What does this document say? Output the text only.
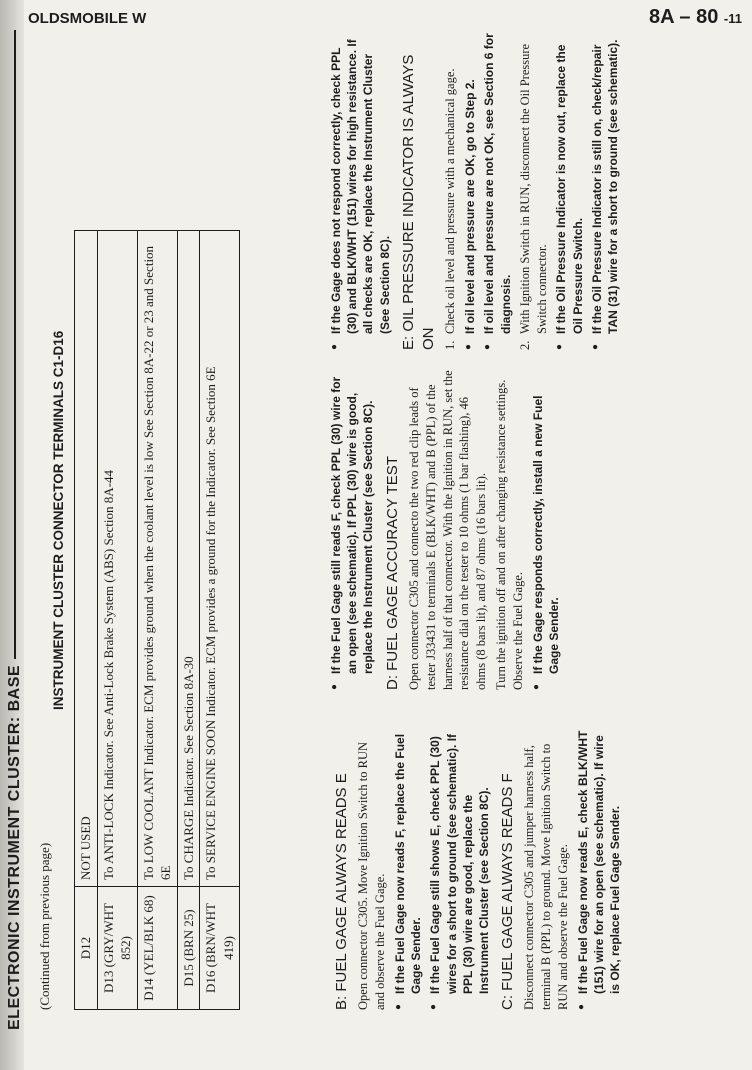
OLDSMOBILE W	8A – 80 -11
ELECTRONIC INSTRUMENT CLUSTER: BASE (Continued from previous page)
INSTRUMENT CLUSTER CONNECTOR TERMINALS C1-D16
D12	NOT USED
D13 (GRY/WHT 852)	To ANTI-LOCK Indicator. See Anti-Lock Brake System (ABS) Section 8A-44
D14 (YEL/BLK 68)	To LOW COOLANT Indicator. ECM provides ground when the coolant level is low See Section 8A-22 or 23 and Section 6E
D15 (BRN 25)	To CHARGE Indicator. See Section 8A-30
D16 (BRN/WHT 419)	To SERVICE ENGINE SOON Indicator. ECM provides a ground for the Indicator. See Section 6E
B: FUEL GAGE ALWAYS READS E Open connector C305. Move Ignition Switch to RUN and observe the Fuel Gage. ● If the Fuel Gage now reads F, replace the Fuel Gage Sender. ● If the Fuel Gage still shows E, check PPL (30) wires for a short to ground (see schematic). If PPL (30) wire are good, replace the Instrument Cluster (see Section 8C). C: FUEL GAGE ALWAYS READS F Disconnect connector C305 and jumper harness half, terminal B (PPL) to ground. Move Ignition Switch to RUN and observe the Fuel Gage. ● If the Fuel Gage now reads E, check BLK/WHT (151) wire for an open (see schematic). If wire is OK, replace Fuel Gage Sender.
● If the Fuel Gage still reads F, check PPL (30) wire for an open (see schematic). If PPL (30) wire is good, replace the Instrument Cluster (see Section 8C). D: FUEL GAGE ACCURACY TEST Open connector C305 and connecto the two red clip leads of tester J33431 to terminals E (BLK/WHT) and B (PPL) of the harness half of that connector. With the Ignition in RUN, set the resistance dial on the tester to 10 ohms (1 bar flashing), 46 ohms (8 bars lit), and 87 ohms (16 bars lit). Turn the ignition off and on after changing resistance settings. Observe the Fuel Gage. ● If the Gage responds correctly, install a new Fuel Gage Sender.
● If the Gage does not respond correctly, check PPL (30) and BLK/WHT (151) wires for high resistance. If all checks are OK, replace the Instrument Cluster (See Section 8C). E: OIL PRESSURE INDICATOR IS ALWAYS ON 1.
Check oil level and pressure with a mechanical gage. ● If oil level and pressure are OK, go to Step 2. ● If oil level and pressure are not OK, see Section 6 for diagnosis.
2.
With Ignition Switch in RUN, disconnect the Oil Pressure Switch connector. ● If the Oil Pressure Indicator is now out, replace the Oil Pressure Switch. ● If the Oil Pressure Indicator is still on, check/repair TAN (31) wire for a short to ground (see schematic).
